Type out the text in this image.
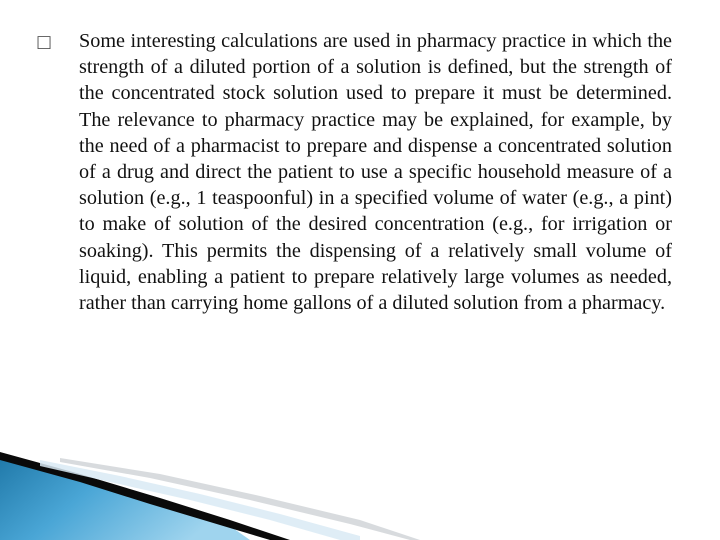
□ Some interesting calculations are used in pharmacy practice in which the strength of a diluted portion of a solution is defined, but the strength of the concentrated stock solution used to prepare it must be determined. The relevance to pharmacy practice may be explained, for example, by the need of a pharmacist to prepare and dispense a concentrated solution of a drug and direct the patient to use a specific household measure of a solution (e.g., 1 teaspoonful) in a specified volume of water (e.g., a pint) to make of solution of the desired concentration (e.g., for irrigation or soaking). This permits the dispensing of a relatively small volume of liquid, enabling a patient to prepare relatively large volumes as needed, rather than carrying home gallons of a diluted solution from a pharmacy.
